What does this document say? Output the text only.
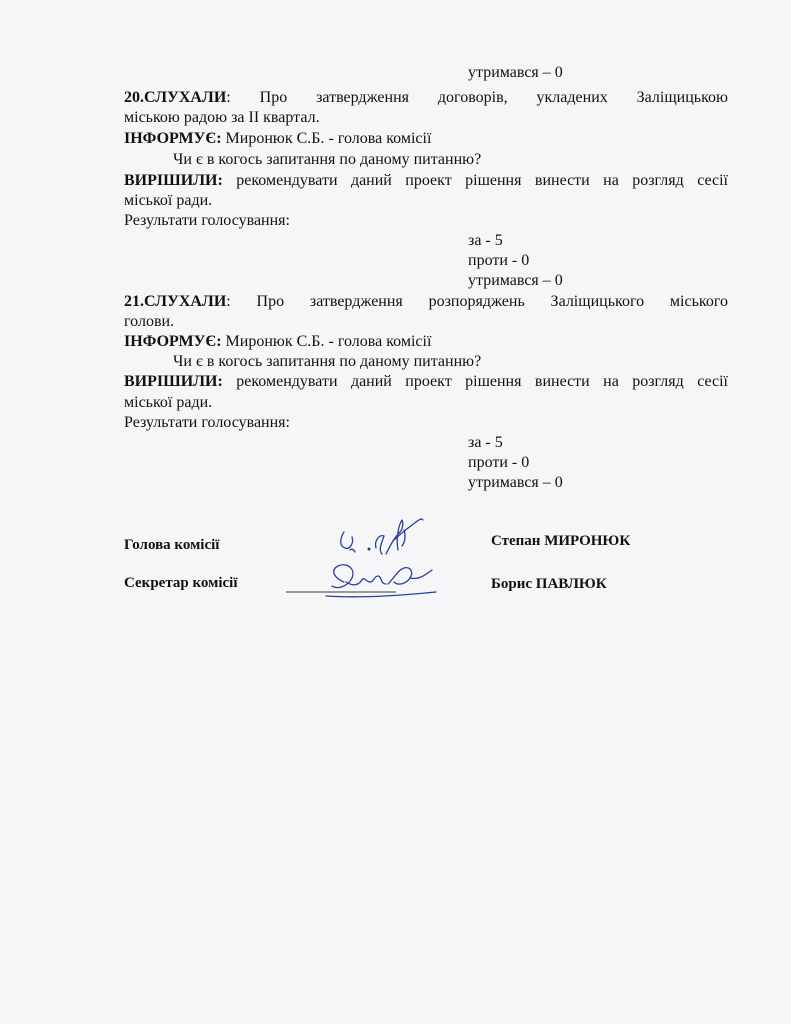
утримався – 0
20.СЛУХАЛИ: Про затвердження договорів, укладених Заліщицькою
міською радою за ІІ квартал.
ІНФОРМУЄ: Миронюк С.Б. - голова комісії
Чи є в когось запитання по даному питанню?
ВИРІШИЛИ: рекомендувати даний проект рішення винести на розгляд сесії
міської ради.
Результати голосування:
за - 5
проти - 0
утримався – 0
21.СЛУХАЛИ: Про затвердження розпоряджень Заліщицького міського
голови.
ІНФОРМУЄ: Миронюк С.Б. - голова комісії
Чи є в когось запитання по даному питанню?
ВИРІШИЛИ: рекомендувати даний проект рішення винести на розгляд сесії
міської ради.
Результати голосування:
за - 5
проти - 0
утримався – 0
Голова комісії	Степан МИРОНЮК
Секретар комісії	Борис ПАВЛЮК
